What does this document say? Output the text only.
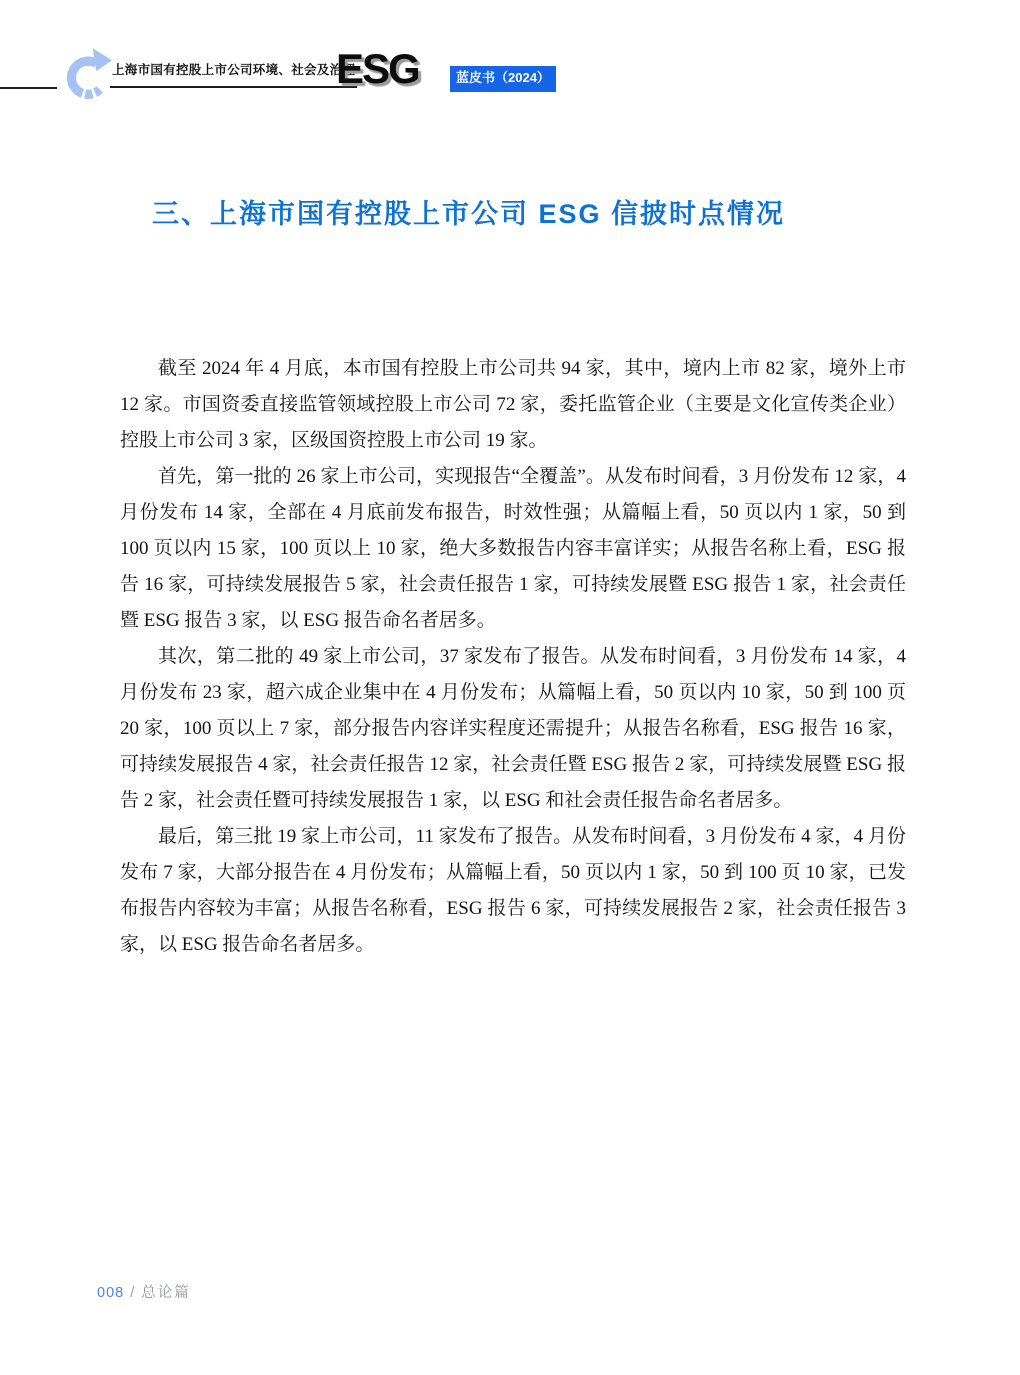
上海市国有控股上市公司环境、社会及治理
ESG	蓝皮书（2024）
三、上海市国有控股上市公司 ESG 信披时点情况

截至 2024 年 4 月底，本市国有控股上市公司共 94 家，其中，境内上市 82 家，境外上市 12 家。市国资委直接监管领域控股上市公司 72 家，委托监管企业（主要是文化宣传类企业）控股上市公司 3 家，区级国资控股上市公司 19 家。

首先，第一批的 26 家上市公司，实现报告“全覆盖”。从发布时间看，3 月份发布 12 家，4 月份发布 14 家，全部在 4 月底前发布报告，时效性强；从篇幅上看，50 页以内 1 家，50 到 100 页以内 15 家，100 页以上 10 家，绝大多数报告内容丰富详实；从报告名称上看，ESG 报告 16 家，可持续发展报告 5 家，社会责任报告 1 家，可持续发展暨 ESG 报告 1 家，社会责任暨 ESG 报告 3 家，以 ESG 报告命名者居多。

其次，第二批的 49 家上市公司，37 家发布了报告。从发布时间看，3 月份发布 14 家，4 月份发布 23 家，超六成企业集中在 4 月份发布；从篇幅上看，50 页以内 10 家，50 到 100 页 20 家，100 页以上 7 家，部分报告内容详实程度还需提升；从报告名称看，ESG 报告 16 家，可持续发展报告 4 家，社会责任报告 12 家，社会责任暨 ESG 报告 2 家，可持续发展暨 ESG 报告 2 家，社会责任暨可持续发展报告 1 家，以 ESG 和社会责任报告命名者居多。

最后，第三批 19 家上市公司，11 家发布了报告。从发布时间看，3 月份发布 4 家，4 月份发布 7 家，大部分报告在 4 月份发布；从篇幅上看，50 页以内 1 家，50 到 100 页 10 家，已发布报告内容较为丰富；从报告名称看，ESG 报告 6 家，可持续发展报告 2 家，社会责任报告 3 家，以 ESG 报告命名者居多。

008 / 总论篇
